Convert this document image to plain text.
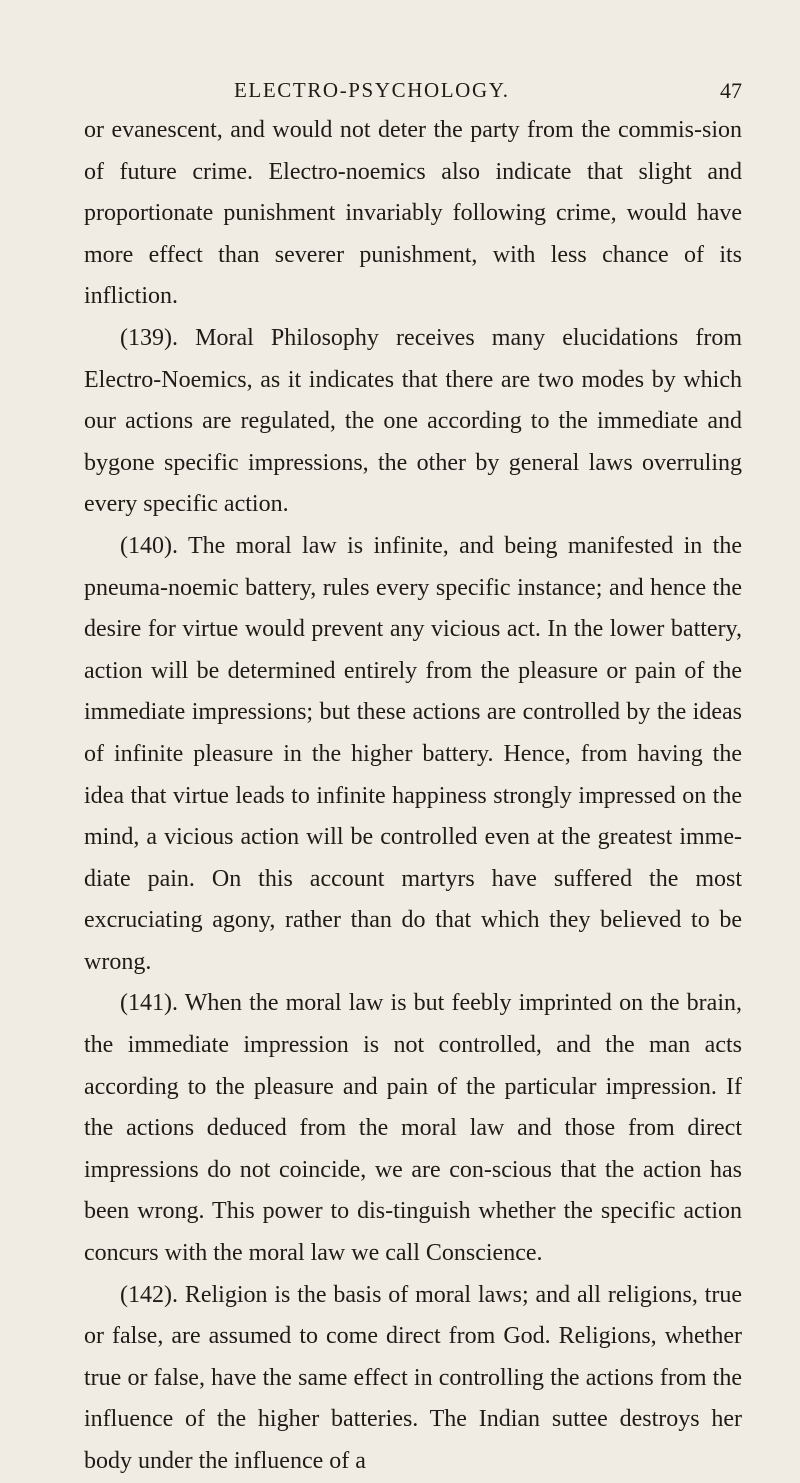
ELECTRO-PSYCHOLOGY.	47

or evanescent, and would not deter the party from the commis-sion of future crime. Electro-noemics also indicate that slight and proportionate punishment invariably following crime, would have more effect than severer punishment, with less chance of its infliction.

(139). Moral Philosophy receives many elucidations from Electro-Noemics, as it indicates that there are two modes by which our actions are regulated, the one according to the immediate and bygone specific impressions, the other by general laws overruling every specific action.

(140). The moral law is infinite, and being manifested in the pneuma-noemic battery, rules every specific instance; and hence the desire for virtue would prevent any vicious act. In the lower battery, action will be determined entirely from the pleasure or pain of the immediate impressions; but these actions are controlled by the ideas of infinite pleasure in the higher battery. Hence, from having the idea that virtue leads to infinite happiness strongly impressed on the mind, a vicious action will be controlled even at the greatest imme-diate pain. On this account martyrs have suffered the most excruciating agony, rather than do that which they believed to be wrong.

(141). When the moral law is but feebly imprinted on the brain, the immediate impression is not controlled, and the man acts according to the pleasure and pain of the particular impression. If the actions deduced from the moral law and those from direct impressions do not coincide, we are con-scious that the action has been wrong. This power to dis-tinguish whether the specific action concurs with the moral law we call Conscience.

(142). Religion is the basis of moral laws; and all religions, true or false, are assumed to come direct from God. Religions, whether true or false, have the same effect in controlling the actions from the influence of the higher batteries. The Indian suttee destroys her body under the influence of a
